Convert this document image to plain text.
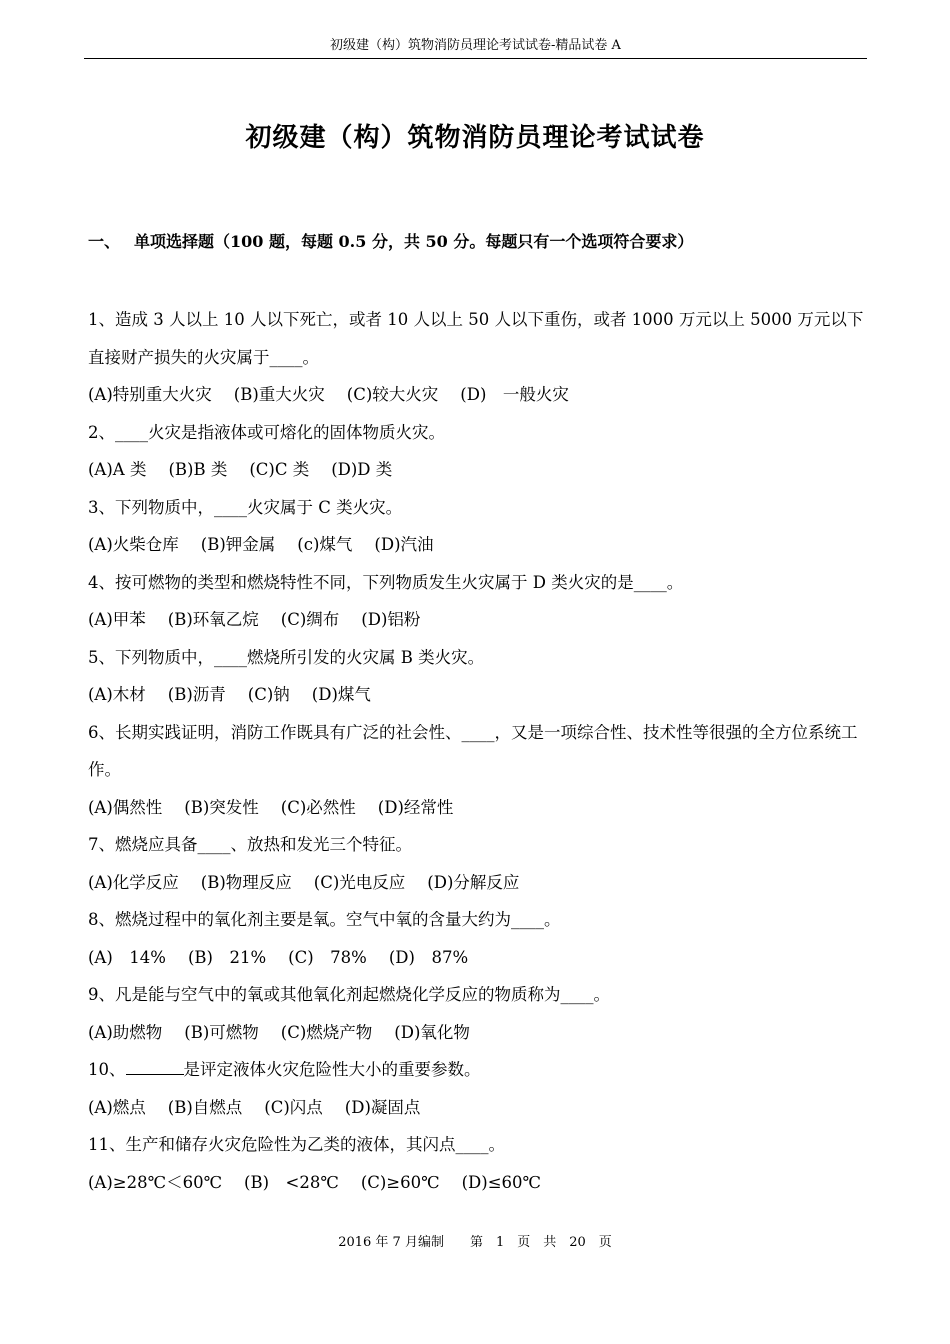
初级建（构）筑物消防员理论考试试卷-精品试卷 A
初级建（构）筑物消防员理论考试试卷
一、 单项选择题（100 题，每题 0.5 分，共 50 分。每题只有一个选项符合要求）

1、造成 3 人以上 10 人以下死亡，或者 10 人以上 50 人以下重伤，或者 1000 万元以上 5000 万元以下直接财产损失的火灾属于____。

(A)特别重大火灾 (B)重大火灾 (C)较大火灾 (D)　一般火灾

2、____火灾是指液体或可熔化的固体物质火灾。

(A)A 类 (B)B 类 (C)C 类 (D)D 类

3、下列物质中，____火灾属于 C 类火灾。

(A)火柴仓库 (B)钾金属 (c)煤气 (D)汽油

4、按可燃物的类型和燃烧特性不同，下列物质发生火灾属于 D 类火灾的是____。

(A)甲苯 (B)环氧乙烷 (C)绸布 (D)铝粉

5、下列物质中，____燃烧所引发的火灾属 B 类火灾。

(A)木材 (B)沥青 (C)钠 (D)煤气

6、长期实践证明，消防工作既具有广泛的社会性、____，又是一项综合性、技术性等很强的全方位系统工作。

(A)偶然性 (B)突发性 (C)必然性 (D)经常性

7、燃烧应具备____、放热和发光三个特征。

(A)化学反应 (B)物理反应 (C)光电反应 (D)分解反应

8、燃烧过程中的氧化剂主要是氧。空气中氧的含量大约为____。

(A)　14% (B)　21% (C)　78% (D)　87%

9、凡是能与空气中的氧或其他氧化剂起燃烧化学反应的物质称为____。

(A)助燃物 (B)可燃物 (C)燃烧产物 (D)氧化物

10、	是评定液体火灾危险性大小的重要参数。

(A)燃点 (B)自燃点 (C)闪点 (D)凝固点

11、生产和储存火灾危险性为乙类的液体，其闪点____。

(A)≥28℃＜60℃ (B)　<28℃ (C)≥60℃ (D)≤60℃
2016 年 7 月编制 第　1　页　共　20　页
